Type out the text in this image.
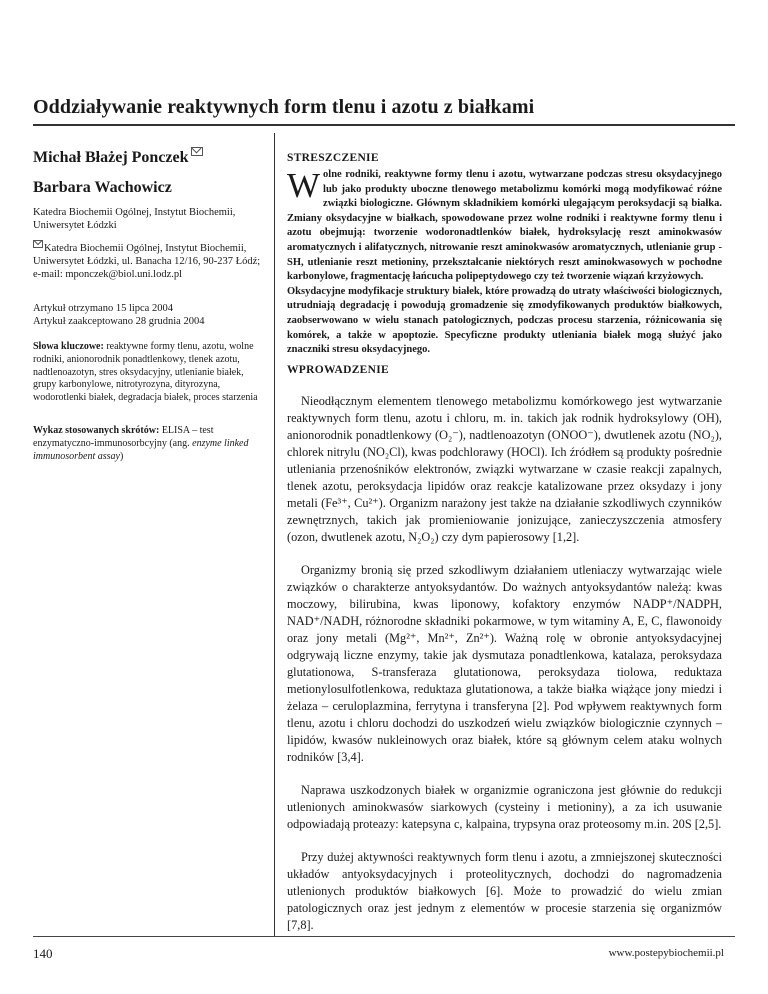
Oddziaływanie reaktywnych form tlenu i azotu z białkami

Michał Błażej Ponczek

Barbara Wachowicz

Katedra Biochemii Ogólnej, Instytut Biochemii, Uniwersytet Łódzki

Katedra Biochemii Ogólnej, Instytut Biochemii, Uniwersytet Łódzki, ul. Banacha 12/16, 90-237 Łódź; e-mail: mponczek@biol.uni.lodz.pl

Artykuł otrzymano 15 lipca 2004
Artykuł zaakceptowano 28 grudnia 2004
Słowa kluczowe: reaktywne formy tlenu, azotu, wolne rodniki, anionorodnik ponadtlenkowy, tlenek azotu, nadtlenoazotyn, stres oksydacyjny, utlenianie białek, grupy karbonylowe, nitrotyrozyna, dityrozyna, wodorotlenki białek, degradacja białek, proces starzenia
Wykaz stosowanych skrótów: ELISA – test enzymatyczno-immunosorbcyjny (ang. enzyme linked immunosorbent assay)
STRESZCZENIE

Wolne rodniki, reaktywne formy tlenu i azotu, wytwarzane podczas stresu oksydacyjnego lub jako produkty uboczne tlenowego metabolizmu komórki mogą modyfikować różne związki biologiczne. Głównym składnikiem komórki ulegającym peroksydacji są białka. Zmiany oksydacyjne w białkach, spowodowane przez wolne rodniki i reaktywne formy tlenu i azotu obejmują: tworzenie wodoronadtlenków białek, hydroksylację reszt aminokwasów aromatycznych i alifatycznych, nitrowanie reszt aminokwasów aromatycznych, utlenianie grup -SH, utlenianie reszt metioniny, przekształcanie niektórych reszt aminokwasowych w pochodne karbonylowe, fragmentację łańcucha polipeptydowego czy też tworzenie wiązań krzyżowych.

Oksydacyjne modyfikacje struktury białek, które prowadzą do utraty właściwości biologicznych, utrudniają degradację i powodują gromadzenie się zmodyfikowanych produktów białkowych, zaobserwowano w wielu stanach patologicznych, podczas procesu starzenia, różnicowania się komórek, a także w apoptozie. Specyficzne produkty utleniania białek mogą służyć jako znaczniki stresu oksydacyjnego.

WPROWADZENIE

Nieodłącznym elementem tlenowego metabolizmu komórkowego jest wytwarzanie reaktywnych form tlenu, azotu i chloru, m. in. takich jak rodnik hydroksylowy (OH), anionorodnik ponadtlenkowy (O₂⁻), nadtlenoazotyn (ONOO⁻), dwutlenek azotu (NO₂), chlorek nitrylu (NO₂Cl), kwas podchlorawy (HOCl). Ich źródłem są produkty pośrednie utleniania przenośników elektronów, związki wytwarzane w czasie reakcji zapalnych, tlenek azotu, peroksydacja lipidów oraz reakcje katalizowane przez oksydazy i jony metali (Fe³⁺, Cu²⁺). Organizm narażony jest także na działanie szkodliwych czynników zewnętrznych, takich jak promieniowanie jonizujące, zanieczyszczenia atmosfery (ozon, dwutlenek azotu, N₂O₂) czy dym papierosowy [1,2].

Organizmy bronią się przed szkodliwym działaniem utleniaczy wytwarzając wiele związków o charakterze antyoksydantów. Do ważnych antyoksydantów należą: kwas moczowy, bilirubina, kwas liponowy, kofaktory enzymów NADP⁺/NADPH, NAD⁺/NADH, różnorodne składniki pokarmowe, w tym witaminy A, E, C, flawonoidy oraz jony metali (Mg²⁺, Mn²⁺, Zn²⁺). Ważną rolę w obronie antyoksydacyjnej odgrywają liczne enzymy, takie jak dysmutaza ponadtlenkowa, katalaza, peroksydaza glutationowa, S-transferaza glutationowa, peroksydaza tiolowa, reduktaza metionylosulfotlenkowa, reduktaza glutationowa, a także białka wiążące jony miedzi i żelaza – ceruloplazmina, ferrytyna i transferyna [2]. Pod wpływem reaktywnych form tlenu, azotu i chloru dochodzi do uszkodzeń wielu związków biologicznie czynnych – lipidów, kwasów nukleinowych oraz białek, które są głównym celem ataku wolnych rodników [3,4].

Naprawa uszkodzonych białek w organizmie ograniczona jest głównie do redukcji utlenionych aminokwasów siarkowych (cysteiny i metioniny), a za ich usuwanie odpowiadają proteazy: katepsyna c, kalpaina, trypsyna oraz proteosomy m.in. 20S [2,5].

Przy dużej aktywności reaktywnych form tlenu i azotu, a zmniejszonej skuteczności układów antyoksydacyjnych i proteolitycznych, dochodzi do nagromadzenia utlenionych produktów białkowych [6]. Może to prowadzić do wielu zmian patologicznych oraz jest jednym z elementów w procesie starzenia się organizmów [7,8].

140	www.postepybiochemii.pl
